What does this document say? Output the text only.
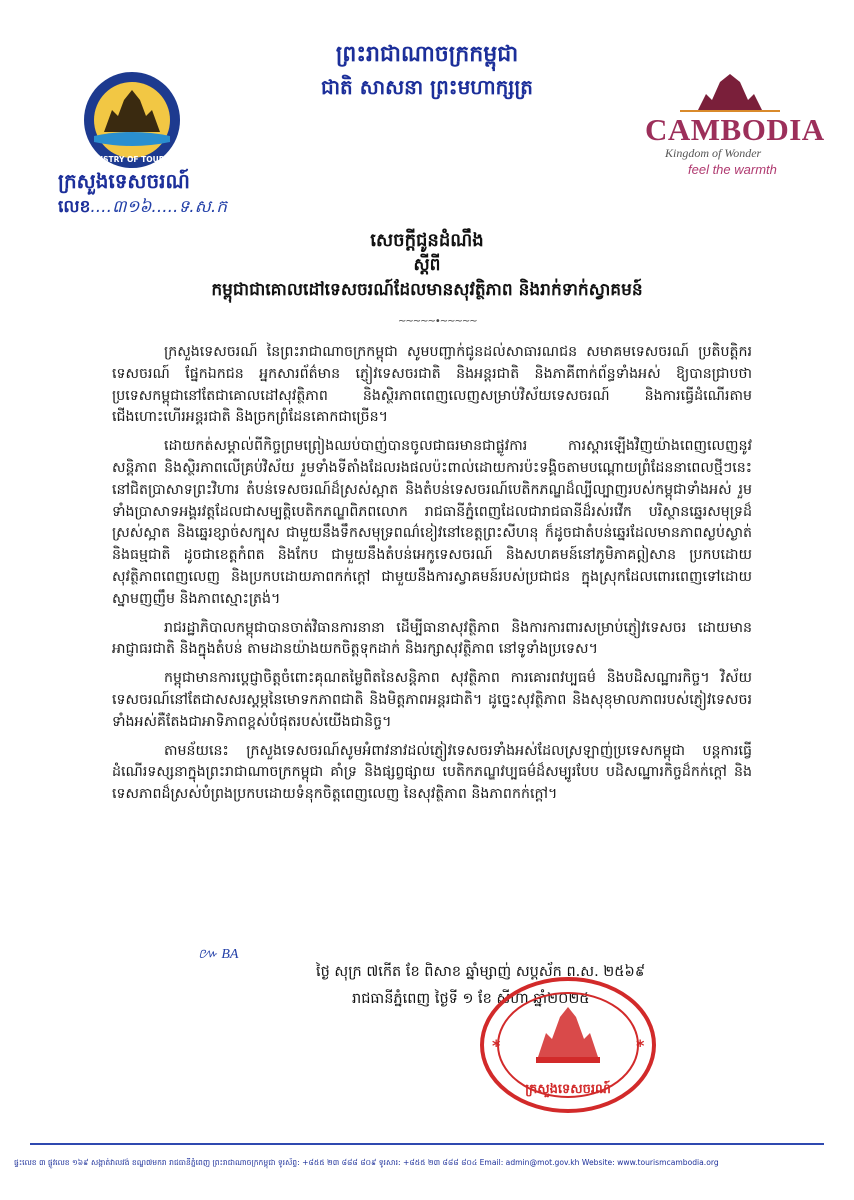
ព្រះរាជាណាចក្រកម្ពុជា
ជាតិ សាសនា ព្រះមហាក្សត្រ
MINISTRY OF TOURISM
ក្រសួងទេសចរណ៍
លេខ....៣១៦.....ទ.ស.ក
CAMBODIA
Kingdom of Wonder
feel the warmth
សេចក្តីជូនដំណឹង
ស្តីពី
កម្ពុជាជាគោលដៅទេសចរណ៍ដែលមានសុវត្ថិភាព និងរាក់ទាក់ស្វាគមន៍
~~~~~•~~~~~

ក្រសួងទេសចរណ៍ នៃព្រះរាជាណាចក្រកម្ពុជា សូមបញ្ជាក់ជូនដល់សាធារណជន សមាគមទេសចរណ៍ ប្រតិបត្តិករទេសចរណ៍ ផ្នែកឯកជន អ្នកសារព័ត៌មាន ភ្ញៀវទេសចរជាតិ និងអន្តរជាតិ និងភាគីពាក់ព័ន្ធទាំងអស់ ឱ្យបានជ្រាបថា ប្រទេសកម្ពុជានៅតែជាគោលដៅសុវត្ថិភាព និងស្ថិរភាពពេញលេញសម្រាប់វិស័យទេសចរណ៍ និងការធ្វើដំណើរតាមជើងហោះហើរអន្តរជាតិ និងច្រកព្រំដែនគោកជាច្រើន។

ដោយកត់សម្គាល់ពីកិច្ចព្រមព្រៀងឈប់បាញ់បានចូលជាធរមានជាផ្លូវការ ការស្តារឡើងវិញយ៉ាងពេញលេញនូវសន្តិភាព និងស្ថិរភាពលើគ្រប់វិស័យ រួមទាំងទីតាំងដែលរងផលប៉ះពាល់ដោយការប៉ះទង្គិចតាមបណ្តោយព្រំដែននាពេលថ្មីៗនេះនៅជិតប្រាសាទព្រះវិហារ តំបន់ទេសចរណ៍ដ៏ស្រស់ស្អាត និងតំបន់ទេសចរណ៍បេតិកភណ្ឌដ៏ល្បីល្បាញរបស់កម្ពុជាទាំងអស់ រួមទាំងប្រាសាទអង្គរវត្តដែលជាសម្បត្តិបេតិកភណ្ឌពិភពលោក រាជធានីភ្នំពេញដែលជារាជធានីដ៏រស់រវើក បរិស្ថានឆ្នេរសមុទ្រដ៏ស្រស់ស្អាត និងឆ្នេរខ្សាច់សក្បុស ជាមួយនឹងទឹកសមុទ្រពណ៌ខៀវនៅខេត្តព្រះសីហនុ ក៏ដូចជាតំបន់ឆ្នេរដែលមានភាពស្ងប់ស្ងាត់ និងធម្មជាតិ ដូចជាខេត្តកំពត និងកែប ជាមួយនឹងតំបន់អេកូទេសចរណ៍ និងសហគមន៍នៅភូមិភាគឦសាន ប្រកបដោយសុវត្ថិភាពពេញលេញ និងប្រកបដោយភាពកក់ក្តៅ ជាមួយនឹងការស្វាគមន៍របស់ប្រជាជន ក្នុងស្រុកដែលពោរពេញទៅដោយស្នាមញញឹម និងភាពស្មោះត្រង់។

រាជរដ្ឋាភិបាលកម្ពុជាបានចាត់វិធានការនានា ដើម្បីធានាសុវត្ថិភាព និងការការពារសម្រាប់ភ្ញៀវទេសចរ ដោយមានអាជ្ញាធរជាតិ និងក្នុងតំបន់ តាមដានយ៉ាងយកចិត្តទុកដាក់ និងរក្សាសុវត្ថិភាព នៅទូទាំងប្រទេស។

កម្ពុជាមានការប្តេជ្ញាចិត្តចំពោះគុណតម្លៃពិតនៃសន្តិភាព សុវត្ថិភាព ការគោរពវប្បធម៌ និងបដិសណ្ឋារកិច្ច។ វិស័យទេសចរណ៍នៅតែជាសសរស្តម្ភនៃមោទកភាពជាតិ និងមិត្តភាពអន្តរជាតិ។ ដូច្នេះសុវត្ថិភាព និងសុខុមាលភាពរបស់ភ្ញៀវទេសចរទាំងអស់គឺតែងជាអាទិភាពខ្ពស់បំផុតរបស់យើងជានិច្ច។

តាមន័យនេះ ក្រសួងទេសចរណ៍សូមអំពាវនាវដល់ភ្ញៀវទេសចរទាំងអស់ដែលស្រឡាញ់ប្រទេសកម្ពុជា បន្តការធ្វើដំណើរទស្សនាក្នុងព្រះរាជាណាចក្រកម្ពុជា គាំទ្រ និងផ្សព្វផ្សាយ បេតិកភណ្ឌវប្បធម៌ដ៏សម្បូរបែប បដិសណ្ឋារកិច្ចដ៏កក់ក្តៅ និងទេសភាពដ៏ស្រស់បំព្រងប្រកបដោយទំនុកចិត្តពេញលេញ នៃសុវត្ថិភាព និងភាពកក់ក្តៅ។

៚ BA
ថ្ងៃ សុក្រ ៧កើត ខែ ពិសាខ ឆ្នាំម្សាញ់ សប្តស័ក ព.ស. ២៥៦៩
រាជធានីភ្នំពេញ ថ្ងៃទី ១ ខែ សីហា ឆ្នាំ២០២៥
ក្រសួងទេសចរណ៍
*	*
ផ្ទះលេខ ៣ ផ្លូវលេខ ១៦៩ សង្កាត់វាលវង់ ខណ្ឌ៧មករា រាជធានីភ្នំពេញ ព្រះរាជាណាចក្រកម្ពុជា ទូរស័ព្ទ: +៨៥៥ ២៣ ៨៨៨ ៨០៩ ទូរសារ: +៨៥៥ ២៣ ៨៨៨ ៨០៤ Email: admin@mot.gov.kh Website: www.tourismcambodia.org
